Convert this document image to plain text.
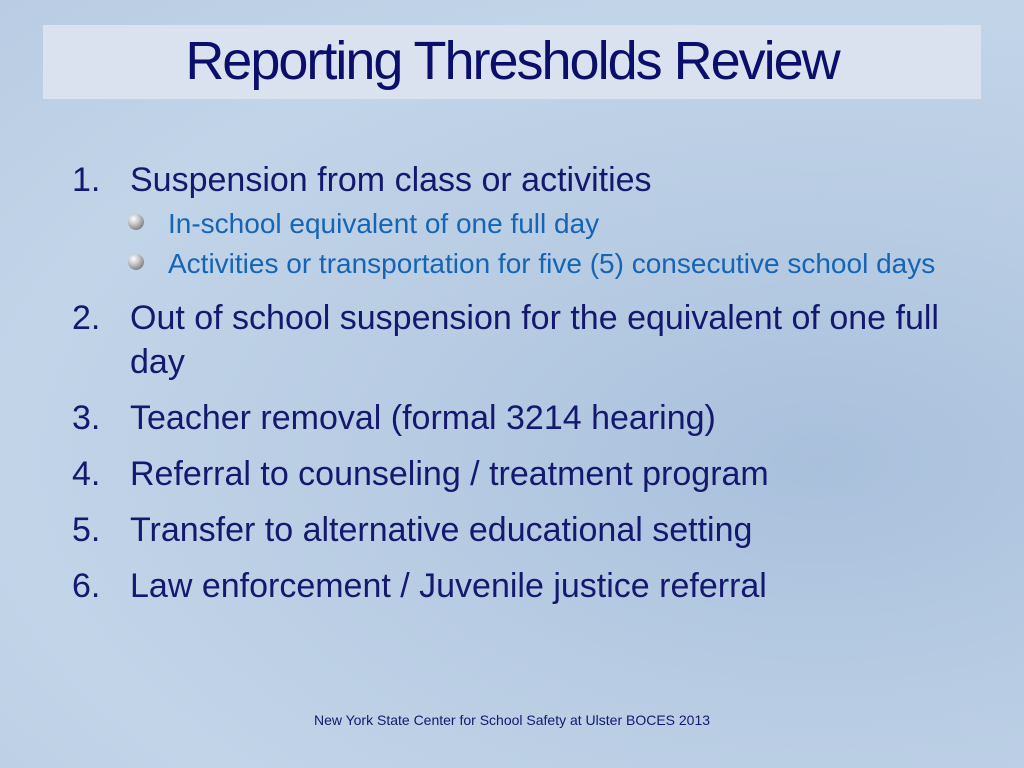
Reporting Thresholds Review
1. Suspension from class or activities
In-school equivalent of one full day
Activities or transportation for five (5) consecutive school days
2. Out of school suspension for the equivalent of one full day
3. Teacher removal (formal 3214 hearing)
4. Referral to counseling / treatment program
5. Transfer to alternative educational setting
6. Law enforcement / Juvenile justice referral
New York State Center for School Safety at Ulster BOCES 2013
